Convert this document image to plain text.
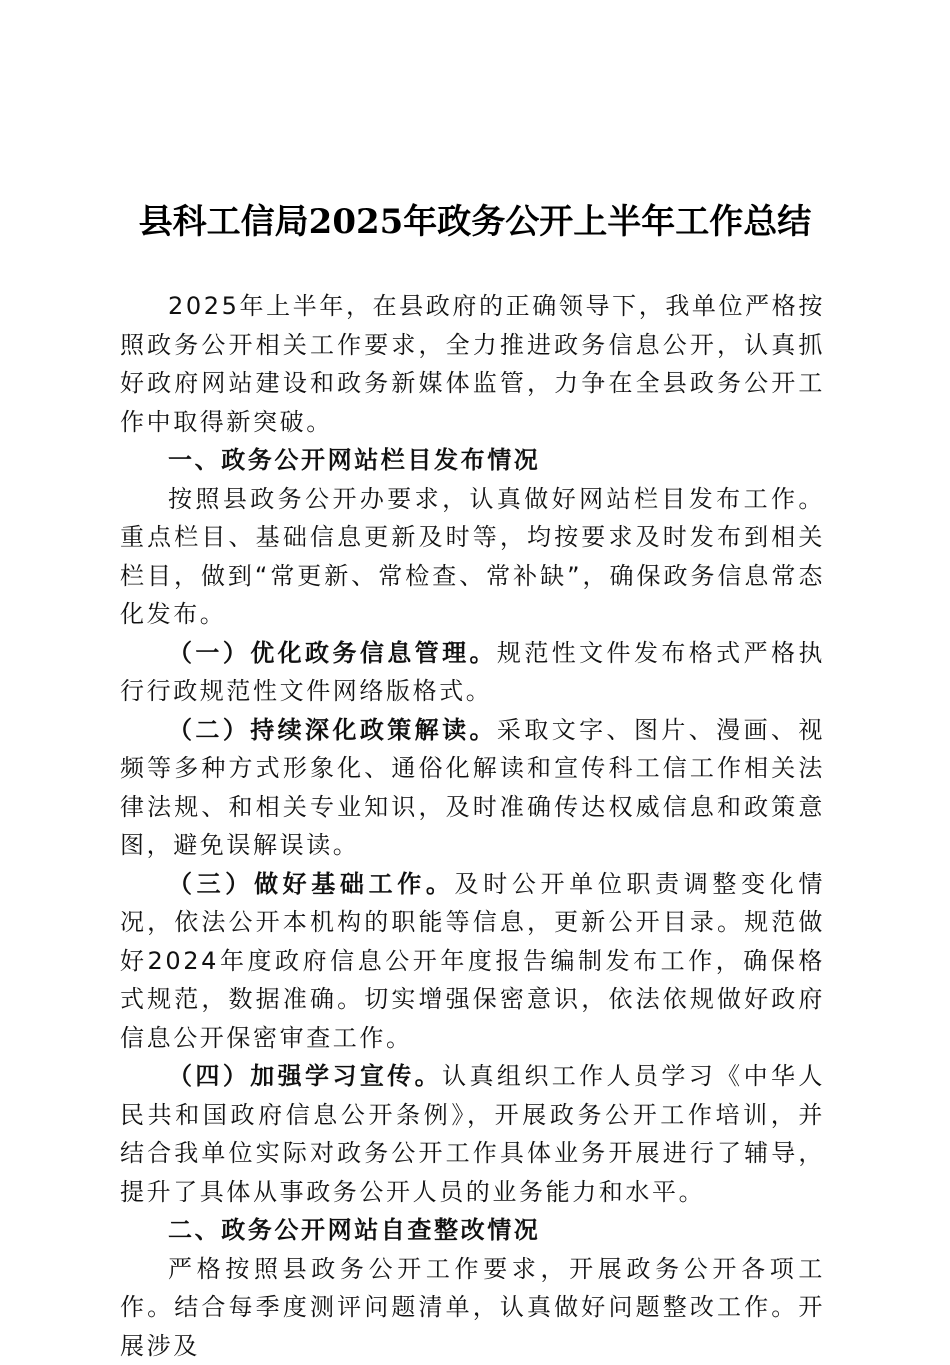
县科工信局2025年政务公开上半年工作总结

2025年上半年，在县政府的正确领导下，我单位严格按照政务公开相关工作要求，全力推进政务信息公开，认真抓好政府网站建设和政务新媒体监管，力争在全县政务公开工作中取得新突破。

一、政务公开网站栏目发布情况

按照县政务公开办要求，认真做好网站栏目发布工作。重点栏目、基础信息更新及时等，均按要求及时发布到相关栏目，做到“常更新、常检查、常补缺”，确保政务信息常态化发布。

（一）优化政务信息管理。规范性文件发布格式严格执行行政规范性文件网络版格式。

（二）持续深化政策解读。采取文字、图片、漫画、视频等多种方式形象化、通俗化解读和宣传科工信工作相关法律法规、和相关专业知识，及时准确传达权威信息和政策意图，避免误解误读。

（三）做好基础工作。及时公开单位职责调整变化情况，依法公开本机构的职能等信息，更新公开目录。规范做好2024年度政府信息公开年度报告编制发布工作，确保格式规范，数据准确。切实增强保密意识，依法依规做好政府信息公开保密审查工作。

（四）加强学习宣传。认真组织工作人员学习《中华人民共和国政府信息公开条例》，开展政务公开工作培训，并结合我单位实际对政务公开工作具体业务开展进行了辅导，提升了具体从事政务公开人员的业务能力和水平。

二、政务公开网站自查整改情况

严格按照县政务公开工作要求，开展政务公开各项工作。结合每季度测评问题清单，认真做好问题整改工作。开展涉及
